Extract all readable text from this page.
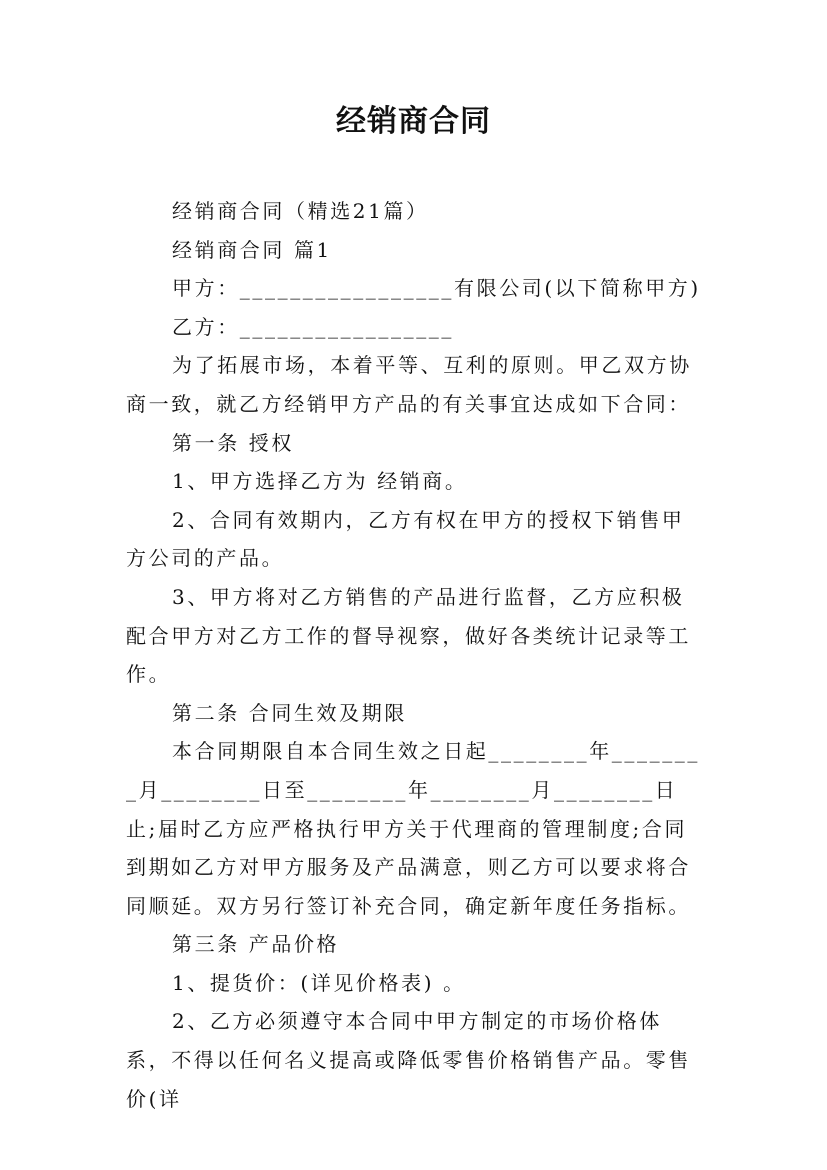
经销商合同

经销商合同（精选21篇）

经销商合同 篇1

甲方：_________________有限公司(以下简称甲方)

乙方：_________________

为了拓展市场，本着平等、互利的原则。甲乙双方协商一致，就乙方经销甲方产品的有关事宜达成如下合同：

第一条 授权

1、甲方选择乙方为 经销商。

2、合同有效期内，乙方有权在甲方的授权下销售甲方公司的产品。

3、甲方将对乙方销售的产品进行监督，乙方应积极配合甲方对乙方工作的督导视察，做好各类统计记录等工作。

第二条 合同生效及期限

本合同期限自本合同生效之日起________年________月________日至________年________月________日止;届时乙方应严格执行甲方关于代理商的管理制度;合同到期如乙方对甲方服务及产品满意，则乙方可以要求将合同顺延。双方另行签订补充合同，确定新年度任务指标。

第三条 产品价格

1、提货价：(详见价格表) 。

2、乙方必须遵守本合同中甲方制定的市场价格体系，不得以任何名义提高或降低零售价格销售产品。零售价(详
